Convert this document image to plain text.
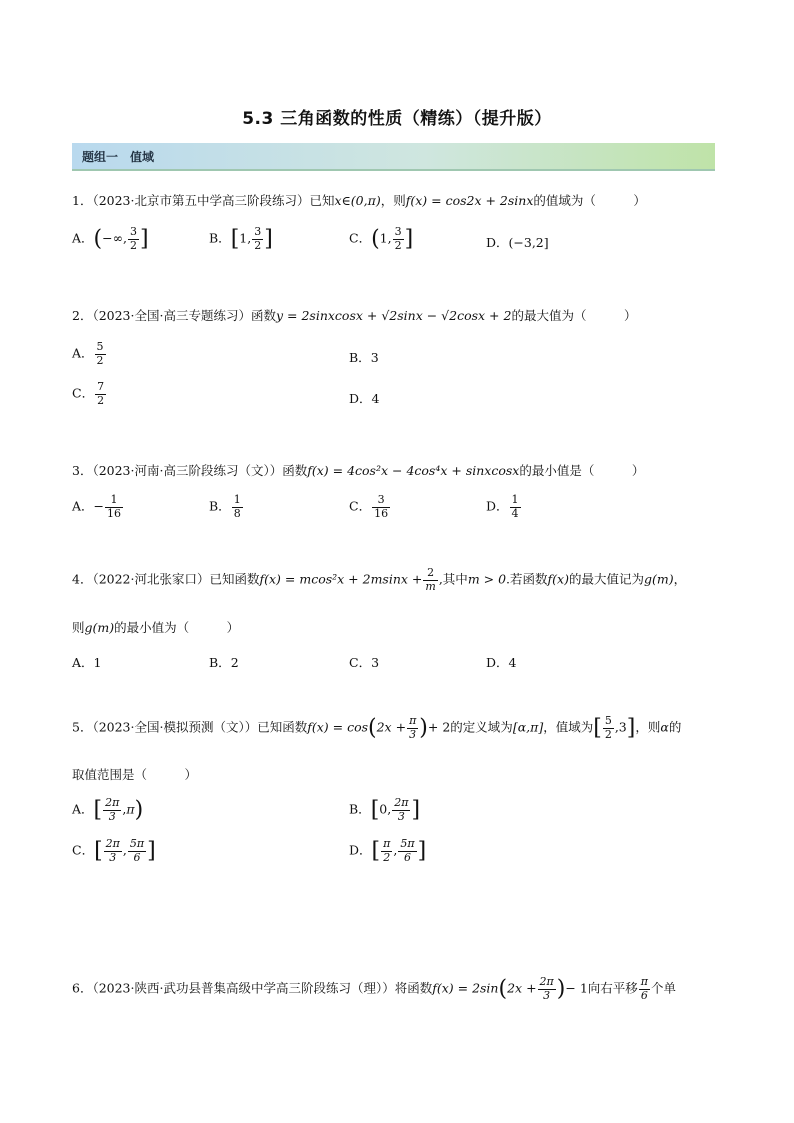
5.3 三角函数的性质（精练）（提升版）
题组一　值域
1．（2023·北京市第五中学高三阶段练习）已知x∈(0,π)，则f(x) = cos2x + 2sinx的值域为（　　　）
A．(−∞, $\frac{3}{2}$ ]	B．[1, $\frac{3}{2}$ ]	C．(1, $\frac{3}{2}$ ]	D．(−3,2]
2．（2023·全国·高三专题练习）函数y = 2sinxcosx + √2sinx − √2cosx + 2的最大值为（　　　）
A． $\frac{5}{2}$	B．3
C． $\frac{7}{2}$	D．4
3．（2023·河南·高三阶段练习（文））函数f(x) = 4cos²x − 4cos⁴x + sinxcosx的最小值是（　　　）
A．− $\frac{1}{16}$	B． $\frac{1}{8}$	C． $\frac{3}{16}$	D． $\frac{1}{4}$
4．（2022·河北张家口）已知函数$f(x) = mcos^2x + 2msinx + \frac{2}{m}$ ,其中m > 0.若函数f(x)的最大值记为g(m)，
则g(m)的最小值为（　　　）
A．1	B．2	C．3	D．4
5．（2023·全国·模拟预测（文））已知函数$f(x) = \cos(2x + \frac{\pi}{3}$ )+ 2的定义域为[α,π]，值域为[ $\frac{5}{2} ,3$]，则α的
取值范围是（　　　）
A．[ $\frac{2\pi}{3} ,\pi$)	B．[0, $\frac{2\pi}{3}$ ]
C．[ $\frac{2\pi}{3}$ , $\frac{5\pi}{6}$ ]	D．[ $\frac{\pi}{2}$ , $\frac{5\pi}{6}$ ]
6．（2023·陕西·武功县普集高级中学高三阶段练习（理））将函数$f(x) = 2\sin(2x + \frac{2\pi}{3}$ )− 1向右平移 $\frac{\pi}{6}$ 个单
